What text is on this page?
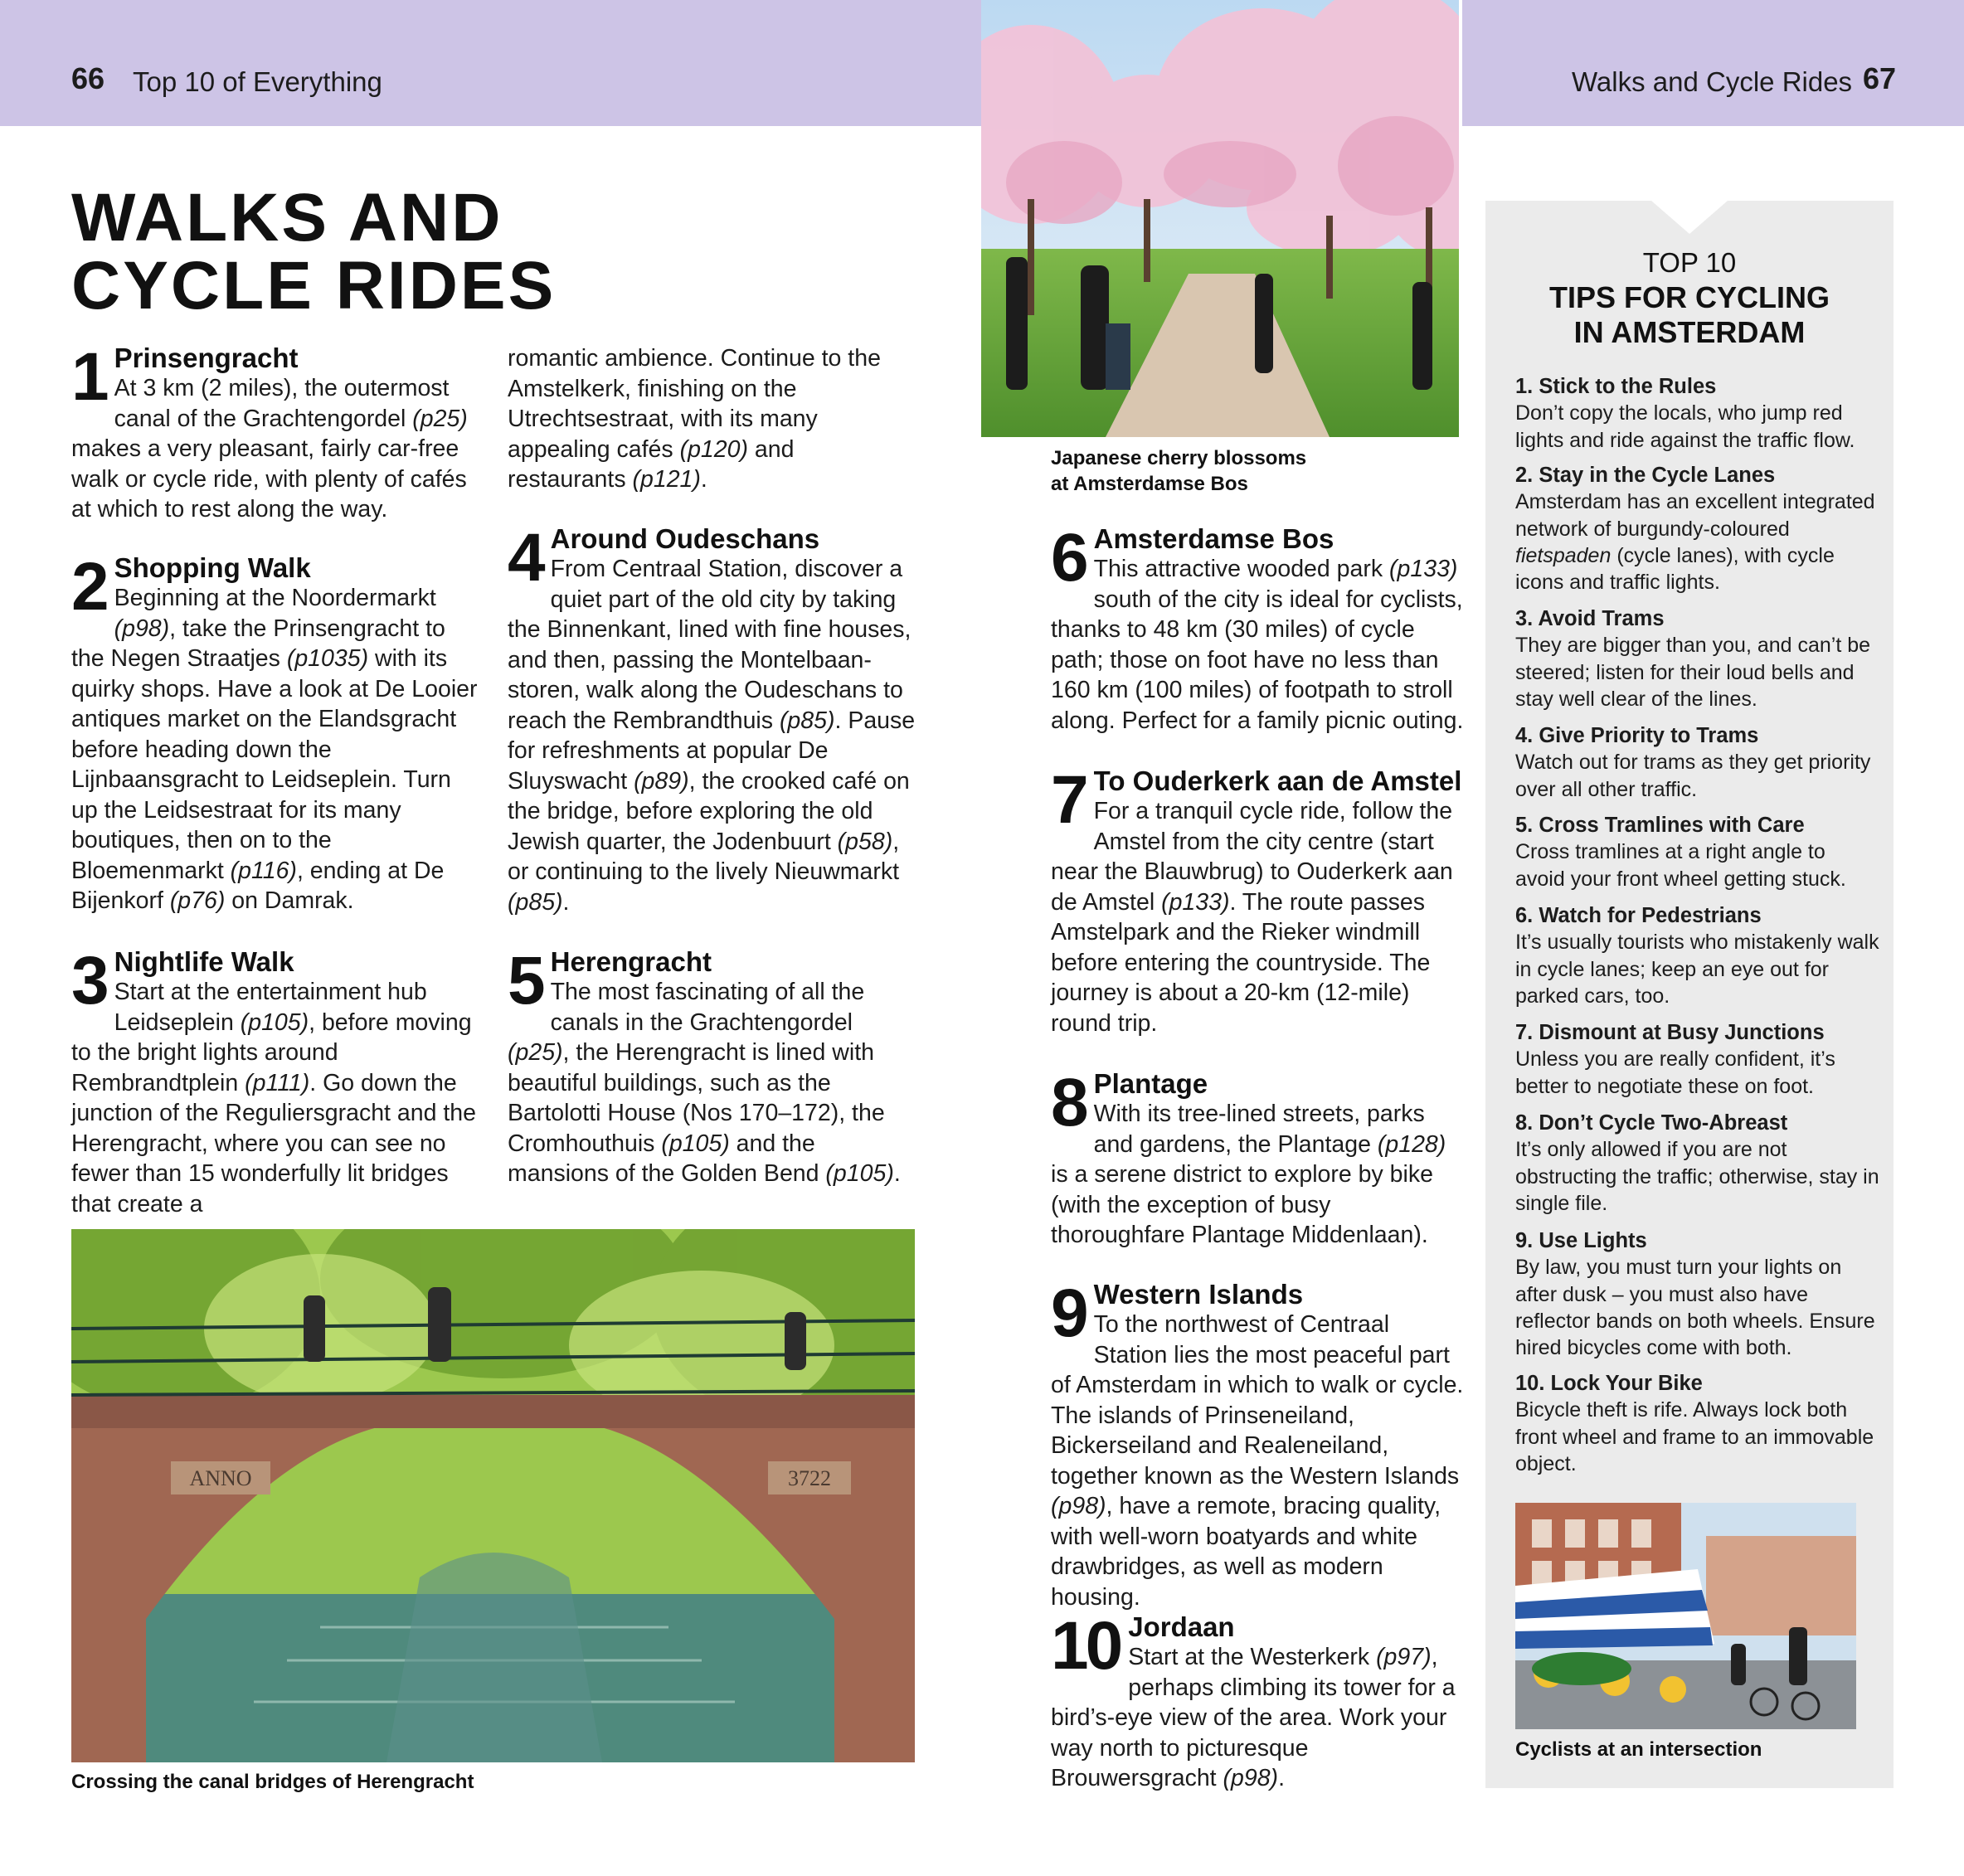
66 Top 10 of Everything	Walks and Cycle Rides 67
WALKS AND
CYCLE RIDES
1 Prinsengracht
At 3 km (2 miles), the outermost canal of the Grachtengordel (p25) makes a very pleasant, fairly car-free walk or cycle ride, with plenty of cafés at which to rest along the way.
2 Shopping Walk
Beginning at the Noordermarkt (p98), take the Prinsengracht to the Negen Straatjes (p1035) with its quirky shops. Have a look at De Looier antiques market on the Elandsgracht before heading down the Lijnbaansgracht to Leidseplein. Turn up the Leidsestraat for its many boutiques, then on to the Bloemenmarkt (p116), ending at De Bijenkorf (p76) on Damrak.
3 Nightlife Walk
Start at the entertainment hub Leidseplein (p105), before moving to the bright lights around Rembrandtplein (p111). Go down the junction of the Reguliersgracht and the Herengracht, where you can see no fewer than 15 wonderfully lit bridges that create a
romantic ambience. Continue to the Amstelkerk, finishing on the Utrechtsestraat, with its many appealing cafés (p120) and restaurants (p121).
4 Around Oudeschans
From Centraal Station, discover a quiet part of the old city by taking the Binnenkant, lined with fine houses, and then, passing the Montelbaanstoren, walk along the Oudeschans to reach the Rembrandthuis (p85). Pause for refreshments at popular De Sluyswacht (p89), the crooked café on the bridge, before exploring the old Jewish quarter, the Jodenbuurt (p58), or continuing to the lively Nieuwmarkt (p85).
5 Herengracht
The most fascinating of all the canals in the Grachtengordel (p25), the Herengracht is lined with beautiful buildings, such as the Bartolotti House (Nos 170–172), the Cromhouthuis (p105) and the mansions of the Golden Bend (p105).
6 Amsterdamse Bos
This attractive wooded park (p133) south of the city is ideal for cyclists, thanks to 48 km (30 miles) of cycle path; those on foot have no less than 160 km (100 miles) of footpath to stroll along. Perfect for a family picnic outing.
7 To Ouderkerk aan de Amstel
For a tranquil cycle ride, follow the Amstel from the city centre (start near the Blauwbrug) to Ouderkerk aan de Amstel (p133). The route passes Amstelpark and the Rieker windmill before entering the countryside. The journey is about a 20-km (12-mile) round trip.
8 Plantage
With its tree-lined streets, parks and gardens, the Plantage (p128) is a serene district to explore by bike (with the exception of busy thoroughfare Plantage Middenlaan).
9 Western Islands
To the northwest of Centraal Station lies the most peaceful part of Amsterdam in which to walk or cycle. The islands of Prinseneiland, Bickerseiland and Realeneiland, together known as the Western Islands (p98), have a remote, bracing quality, with well-worn boatyards and white drawbridges, as well as modern housing.
10 Jordaan
Start at the Westerkerk (p97), perhaps climbing its tower for a bird’s-eye view of the area. Work your way north to picturesque Brouwersgracht (p98).
Japanese cherry blossoms
at Amsterdamse Bos
ANNO	3722
Crossing the canal bridges of Herengracht
TOP 10
TIPS FOR CYCLING
IN AMSTERDAM
1. Stick to the Rules
Don’t copy the locals, who jump red lights and ride against the traffic flow.
2. Stay in the Cycle Lanes
Amsterdam has an excellent integrated network of burgundy-coloured fietspaden (cycle lanes), with cycle icons and traffic lights.
3. Avoid Trams
They are bigger than you, and can’t be steered; listen for their loud bells and stay well clear of the lines.
4. Give Priority to Trams
Watch out for trams as they get priority over all other traffic.
5. Cross Tramlines with Care
Cross tramlines at a right angle to avoid your front wheel getting stuck.
6. Watch for Pedestrians
It’s usually tourists who mistakenly walk in cycle lanes; keep an eye out for parked cars, too.
7. Dismount at Busy Junctions
Unless you are really confident, it’s better to negotiate these on foot.
8. Don’t Cycle Two-Abreast
It’s only allowed if you are not obstructing the traffic; otherwise, stay in single file.
9. Use Lights
By law, you must turn your lights on after dusk – you must also have reflector bands on both wheels. Ensure hired bicycles come with both.
10. Lock Your Bike
Bicycle theft is rife. Always lock both front wheel and frame to an immovable object.
Cyclists at an intersection
